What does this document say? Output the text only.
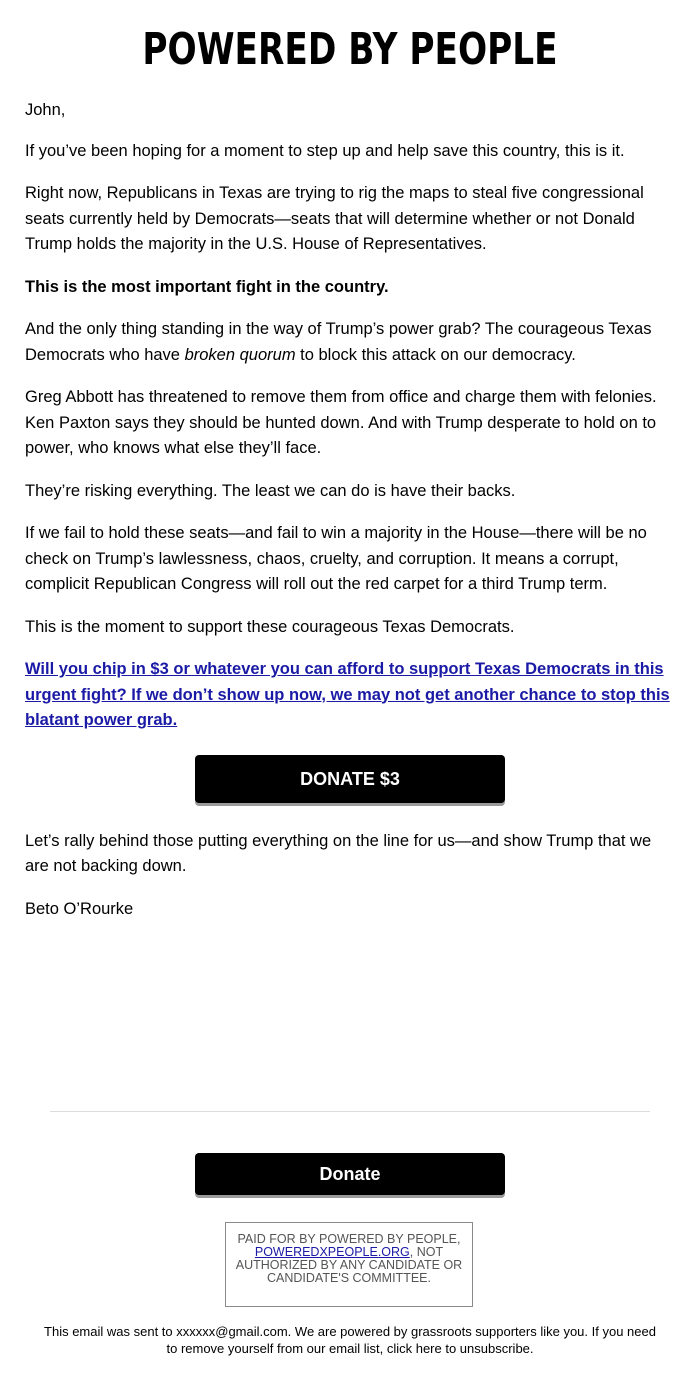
POWERED BY PEOPLE

John,

If you’ve been hoping for a moment to step up and help save this country, this is it.

Right now, Republicans in Texas are trying to rig the maps to steal five congressional seats currently held by Democrats—seats that will determine whether or not Donald Trump holds the majority in the U.S. House of Representatives.

This is the most important fight in the country.

And the only thing standing in the way of Trump’s power grab? The courageous Texas Democrats who have broken quorum to block this attack on our democracy.

Greg Abbott has threatened to remove them from office and charge them with felonies. Ken Paxton says they should be hunted down. And with Trump desperate to hold on to power, who knows what else they’ll face.

They’re risking everything. The least we can do is have their backs.

If we fail to hold these seats—and fail to win a majority in the House—there will be no check on Trump’s lawlessness, chaos, cruelty, and corruption. It means a corrupt, complicit Republican Congress will roll out the red carpet for a third Trump term.

This is the moment to support these courageous Texas Democrats.

Will you chip in $3 or whatever you can afford to support Texas Democrats in this urgent fight? If we don’t show up now, we may not get another chance to stop this blatant power grab.

DONATE $3

Let’s rally behind those putting everything on the line for us—and show Trump that we are not backing down.

Beto O’Rourke

Donate
PAID FOR BY POWERED BY PEOPLE, POWEREDXPEOPLE.ORG, NOT AUTHORIZED BY ANY CANDIDATE OR CANDIDATE'S COMMITTEE.
This email was sent to xxxxxx@gmail.com. We are powered by grassroots supporters like you. If you need to remove yourself from our email list, click here to unsubscribe.
